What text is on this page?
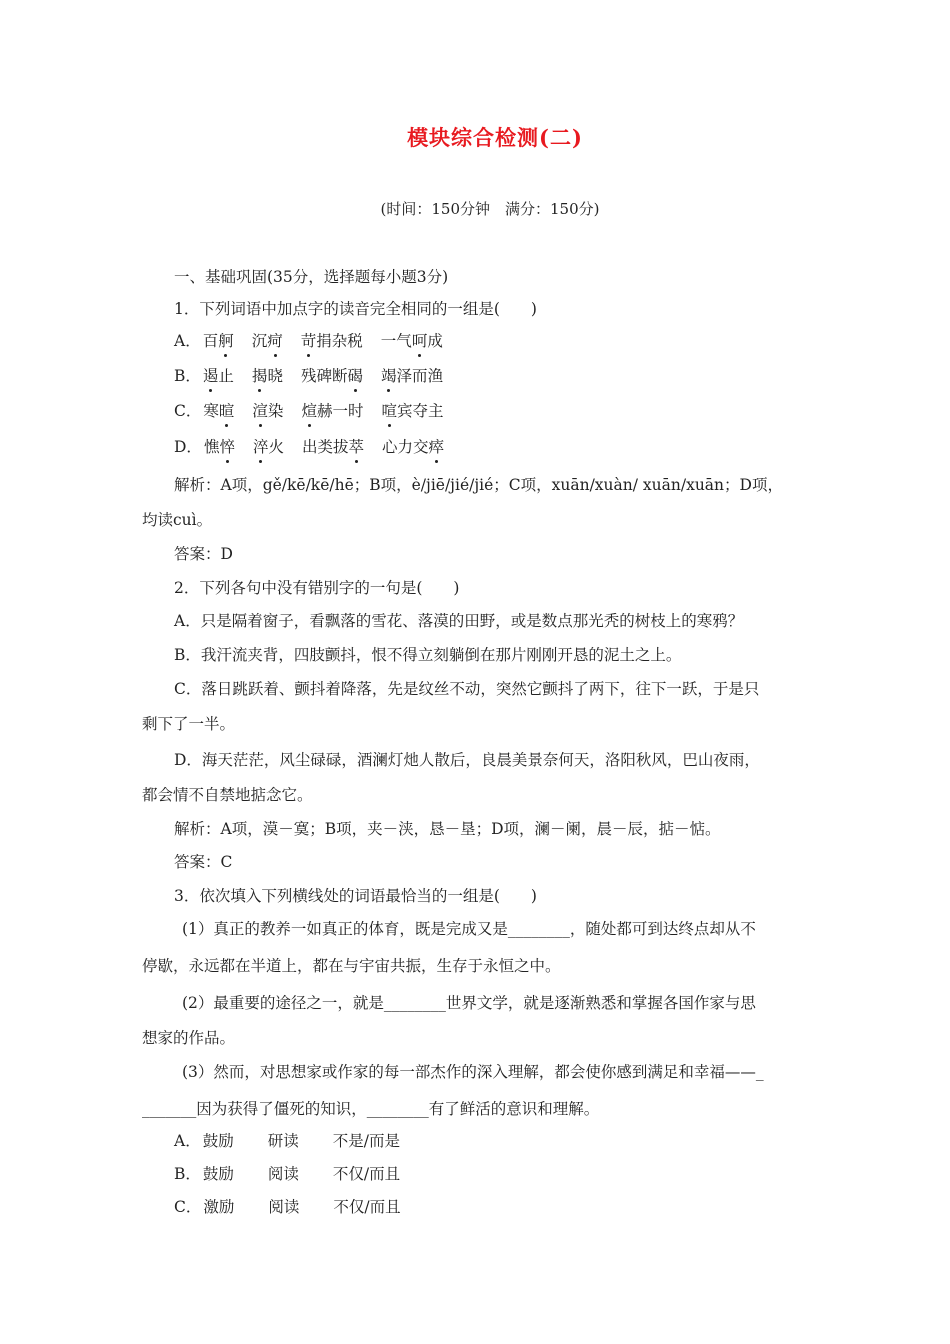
模块综合检测(二)
(时间：150分钟　满分：150分)
一、基础巩固(35分，选择题每小题3分)
1．下列词语中加点字的读音完全相同的一组是(　　)
A． 百舸 沉疴 苛捐杂税 一气呵成
B． 遏止 揭晓 残碑断碣 竭泽而渔
C． 寒暄 渲染 煊赫一时 喧宾夺主
D． 憔悴 淬火 出类拔萃 心力交瘁
解析：A项，gě/kē/kē/hē；B项，è/jiē/jié/jié；C项，xuān/xuàn/ xuān/xuān；D项，
均读cuì。
答案：D
2．下列各句中没有错别字的一句是(　　)
A．只是隔着窗子，看飘落的雪花、落漠的田野，或是数点那光秃的树枝上的寒鸦？
B．我汗流夹背，四肢颤抖，恨不得立刻躺倒在那片刚刚开恳的泥土之上。
C．落日跳跃着、颤抖着降落，先是纹丝不动，突然它颤抖了两下，往下一跃，于是只
剩下了一半。
D．海天茫茫，风尘碌碌，酒澜灯灺人散后，良晨美景奈何天，洛阳秋风，巴山夜雨，
都会情不自禁地掂念它。
解析：A项，漠－寞；B项，夹－浃，恳－垦；D项，澜－阑，晨－辰，掂－惦。
答案：C
3．依次填入下列横线处的词语最恰当的一组是(　　)
(1）真正的教养一如真正的体育，既是完成又是________，随处都可到达终点却从不
停歇，永远都在半道上，都在与宇宙共振，生存于永恒之中。
(2）最重要的途径之一，就是________世界文学，就是逐渐熟悉和掌握各国作家与思
想家的作品。
(3）然而，对思想家或作家的每一部杰作的深入理解，都会使你感到满足和幸福——_
_______因为获得了僵死的知识，________有了鲜活的意识和理解。
A． 鼓励 研读 不是/而是
B． 鼓励 阅读 不仅/而且
C． 激励 阅读 不仅/而且
